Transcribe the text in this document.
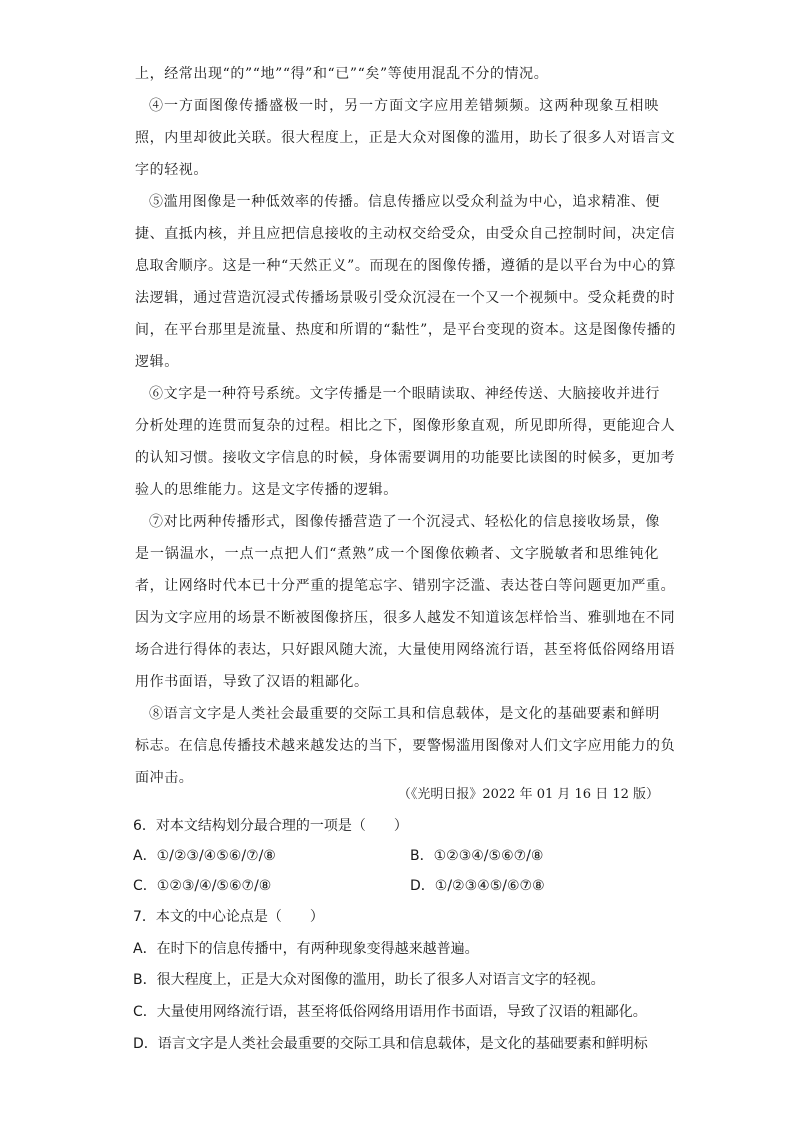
上，经常出现“的”“地”“得”和“已”“矣”等使用混乱不分的情况。
④一方面图像传播盛极一时，另一方面文字应用差错频频。这两种现象互相映
照，内里却彼此关联。很大程度上，正是大众对图像的滥用，助长了很多人对语言文
字的轻视。
⑤滥用图像是一种低效率的传播。信息传播应以受众利益为中心，追求精准、便
捷、直抵内核，并且应把信息接收的主动权交给受众，由受众自己控制时间，决定信
息取舍顺序。这是一种“天然正义”。而现在的图像传播，遵循的是以平台为中心的算
法逻辑，通过营造沉浸式传播场景吸引受众沉浸在一个又一个视频中。受众耗费的时
间，在平台那里是流量、热度和所谓的“黏性”，是平台变现的资本。这是图像传播的
逻辑。
⑥文字是一种符号系统。文字传播是一个眼睛读取、神经传送、大脑接收并进行
分析处理的连贯而复杂的过程。相比之下，图像形象直观，所见即所得，更能迎合人
的认知习惯。接收文字信息的时候，身体需要调用的功能要比读图的时候多，更加考
验人的思维能力。这是文字传播的逻辑。
⑦对比两种传播形式，图像传播营造了一个沉浸式、轻松化的信息接收场景，像
是一锅温水，一点一点把人们“煮熟”成一个图像依赖者、文字脱敏者和思维钝化
者，让网络时代本已十分严重的提笔忘字、错别字泛滥、表达苍白等问题更加严重。
因为文字应用的场景不断被图像挤压，很多人越发不知道该怎样恰当、雅驯地在不同
场合进行得体的表达，只好跟风随大流，大量使用网络流行语，甚至将低俗网络用语
用作书面语，导致了汉语的粗鄙化。
⑧语言文字是人类社会最重要的交际工具和信息载体，是文化的基础要素和鲜明
标志。在信息传播技术越来越发达的当下，要警惕滥用图像对人们文字应用能力的负
面冲击。
（《光明日报》2022 年 01 月 16 日 12 版）
6．对本文结构划分最合理的一项是（　　）
A．①/②③/④⑤⑥/⑦/⑧	B．①②③④/⑤⑥⑦/⑧
C．①②③/④/⑤⑥⑦/⑧	D．①/②③④⑤/⑥⑦⑧
7．本文的中心论点是（　　）
A．在时下的信息传播中，有两种现象变得越来越普遍。
B．很大程度上，正是大众对图像的滥用，助长了很多人对语言文字的轻视。
C．大量使用网络流行语，甚至将低俗网络用语用作书面语，导致了汉语的粗鄙化。
D．语言文字是人类社会最重要的交际工具和信息载体，是文化的基础要素和鲜明标
